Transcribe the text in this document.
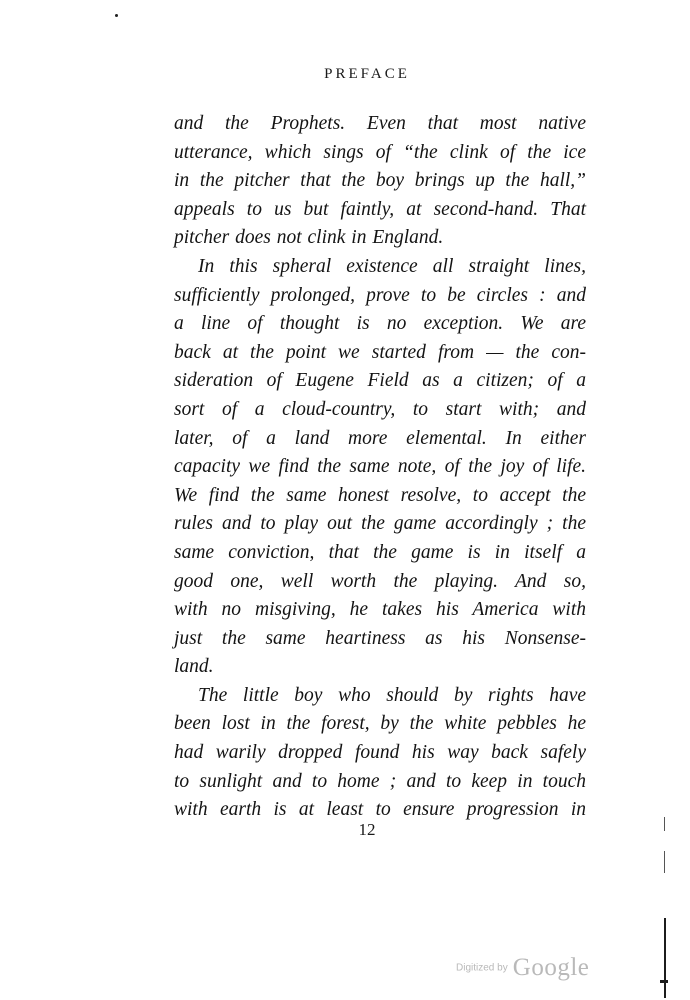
PREFACE
and the Prophets. Even that most native
utterance, which sings of “the clink of the ice
in the pitcher that the boy brings up the hall,”
appeals to us but faintly, at second-hand. That
pitcher does not clink in England.
In this spheral existence all straight lines,
sufficiently prolonged, prove to be circles : and
a line of thought is no exception. We are
back at the point we started from — the con-
sideration of Eugene Field as a citizen; of a
sort of a cloud-country, to start with; and
later, of a land more elemental. In either
capacity we find the same note, of the joy of life.
We find the same honest resolve, to accept the
rules and to play out the game accordingly ; the
same conviction, that the game is in itself a
good one, well worth the playing. And so,
with no misgiving, he takes his America with
just the same heartiness as his Nonsense-
land.
The little boy who should by rights have
been lost in the forest, by the white pebbles he
had warily dropped found his way back safely
to sunlight and to home ; and to keep in touch
with earth is at least to ensure progression in
12
Digitized by Google
